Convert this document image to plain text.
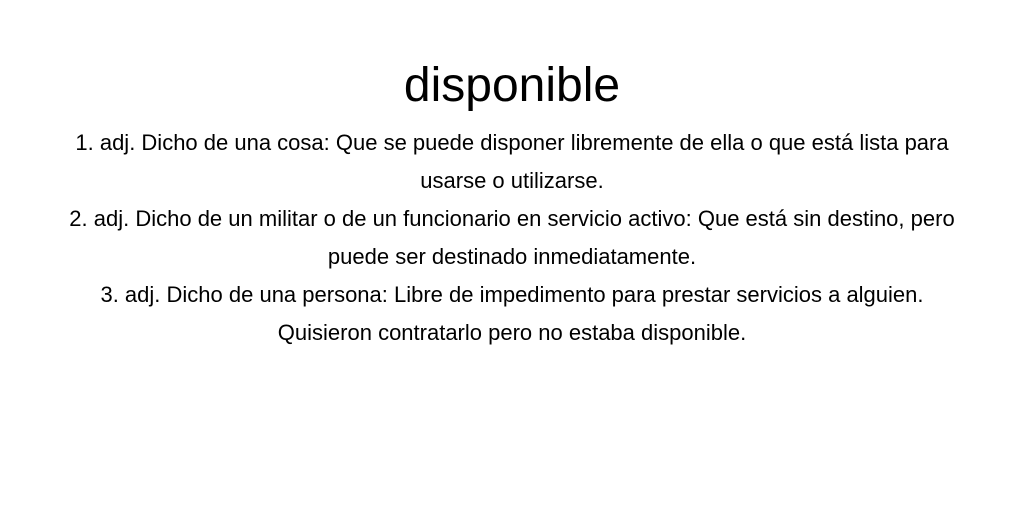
disponible
1. adj. Dicho de una cosa: Que se puede disponer libremente de ella o que está lista para usarse o utilizarse.
2. adj. Dicho de un militar o de un funcionario en servicio activo: Que está sin destino, pero puede ser destinado inmediatamente.
3. adj. Dicho de una persona: Libre de impedimento para prestar servicios a alguien. Quisieron contratarlo pero no estaba disponible.
